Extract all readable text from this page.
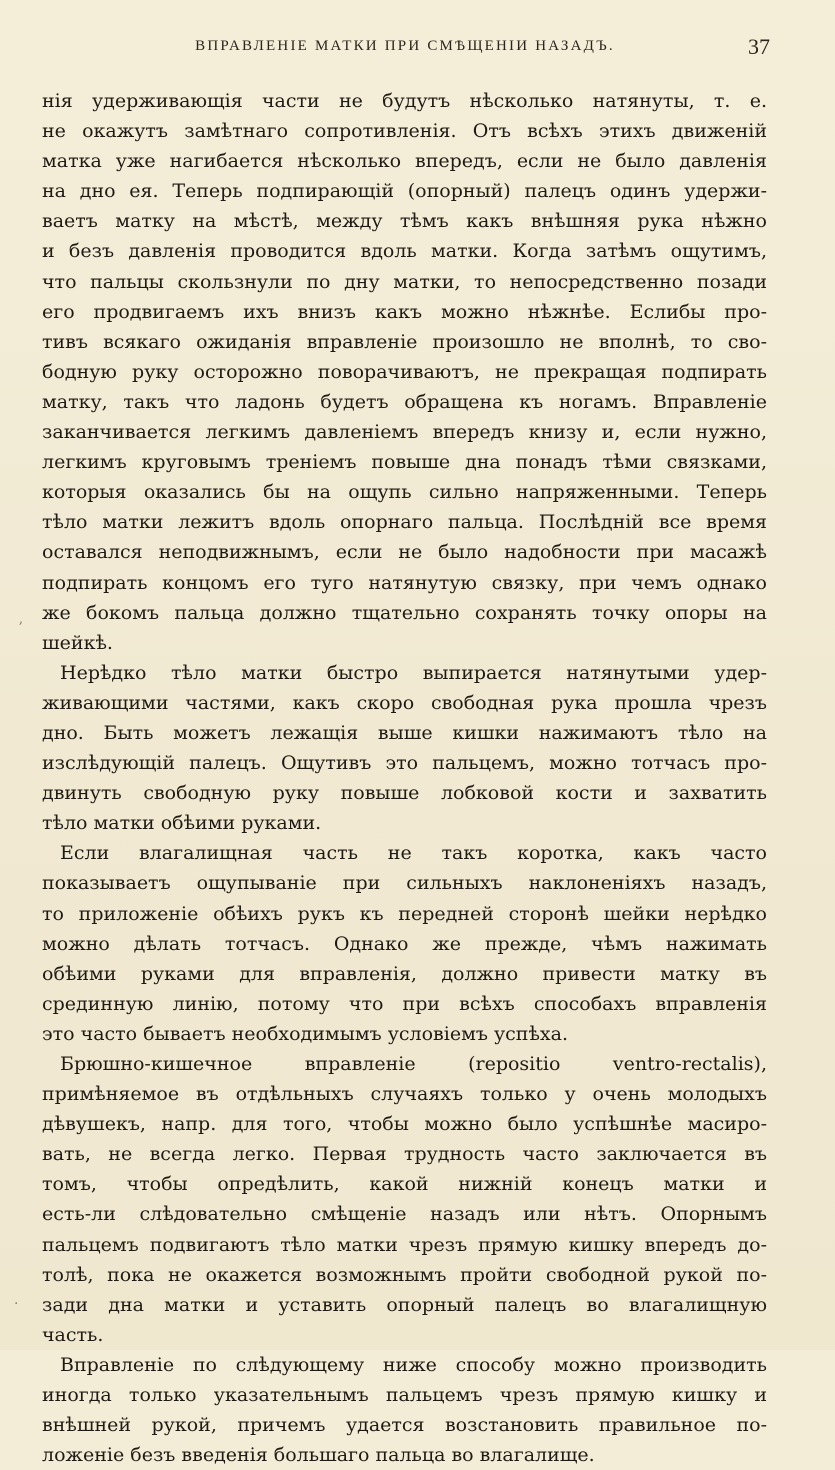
ВПРАВЛЕНІЕ МАТКИ ПРИ СМѢЩЕНІИ НАЗАДЪ.	37
ʼ

нія удерживающія части не будутъ нѣсколько натянуты, т. е.

не окажутъ замѣтнаго сопротивленія. Отъ всѣхъ этихъ движеній

матка уже нагибается нѣсколько впередъ, если не было давленія

на дно ея. Теперь подпирающій (опорный) палецъ одинъ удержи-

ваетъ матку на мѣстѣ, между тѣмъ какъ внѣшняя рука нѣжно

и безъ давленія проводится вдоль матки. Когда затѣмъ ощутимъ,

что пальцы скользнули по дну матки, то непосредственно позади

его продвигаемъ ихъ внизъ какъ можно нѣжнѣе. Еслибы про-

тивъ всякаго ожиданія вправленіе произошло не вполнѣ, то сво-

бодную руку осторожно поворачиваютъ, не прекращая подпирать

матку, такъ что ладонь будетъ обращена къ ногамъ. Вправленіе

заканчивается легкимъ давленіемъ впередъ книзу и, если нужно,

легкимъ круговымъ треніемъ повыше дна понадъ тѣми связками,

которыя оказались бы на ощупь сильно напряженными. Теперь

тѣло матки лежитъ вдоль опорнаго пальца. Послѣдній все время

оставался неподвижнымъ, если не было надобности при масажѣ

подпирать концомъ его туго натянутую связку, при чемъ однако

же бокомъ пальца должно тщательно сохранять точку опоры на

шейкѣ.

Нерѣдко тѣло матки быстро выпирается натянутыми удер-

живающими частями, какъ скоро свободная рука прошла чрезъ

дно. Быть можетъ лежащія выше кишки нажимаютъ тѣло на

изслѣдующій палецъ. Ощутивъ это пальцемъ, можно тотчасъ про-

двинуть свободную руку повыше лобковой кости и захватить

тѣло матки обѣими руками.

Если влагалищная часть не такъ коротка, какъ часто

показываетъ ощупываніе при сильныхъ наклоненіяхъ назадъ,

то приложеніе обѣихъ рукъ къ передней сторонѣ шейки нерѣдко

можно дѣлать тотчасъ. Однако же прежде, чѣмъ нажимать

обѣими руками для вправленія, должно привести матку въ

срединную линію, потому что при всѣхъ способахъ вправленія

это часто бываетъ необходимымъ условіемъ успѣха.

Брюшно-кишечное вправленіе (repositio ventro-rectalis),

примѣняемое въ отдѣльныхъ случаяхъ только у очень молодыхъ

дѣвушекъ, напр. для того, чтобы можно было успѣшнѣе масиро-

вать, не всегда легко. Первая трудность часто заключается въ

томъ, чтобы опредѣлить, какой нижній конецъ матки и

есть-ли слѣдовательно смѣщеніе назадъ или нѣтъ. Опорнымъ

пальцемъ подвигаютъ тѣло матки чрезъ прямую кишку впередъ до-

толѣ, пока не окажется возможнымъ пройти свободной рукой по-

зади дна матки и уставить опорный палецъ во влагалищную

часть.

Вправленіе по слѣдующему ниже способу можно производить

иногда только указательнымъ пальцемъ чрезъ прямую кишку и

внѣшней рукой, причемъ удается возстановить правильное по-

ложеніе безъ введенія большаго пальца во влагалище.

·
